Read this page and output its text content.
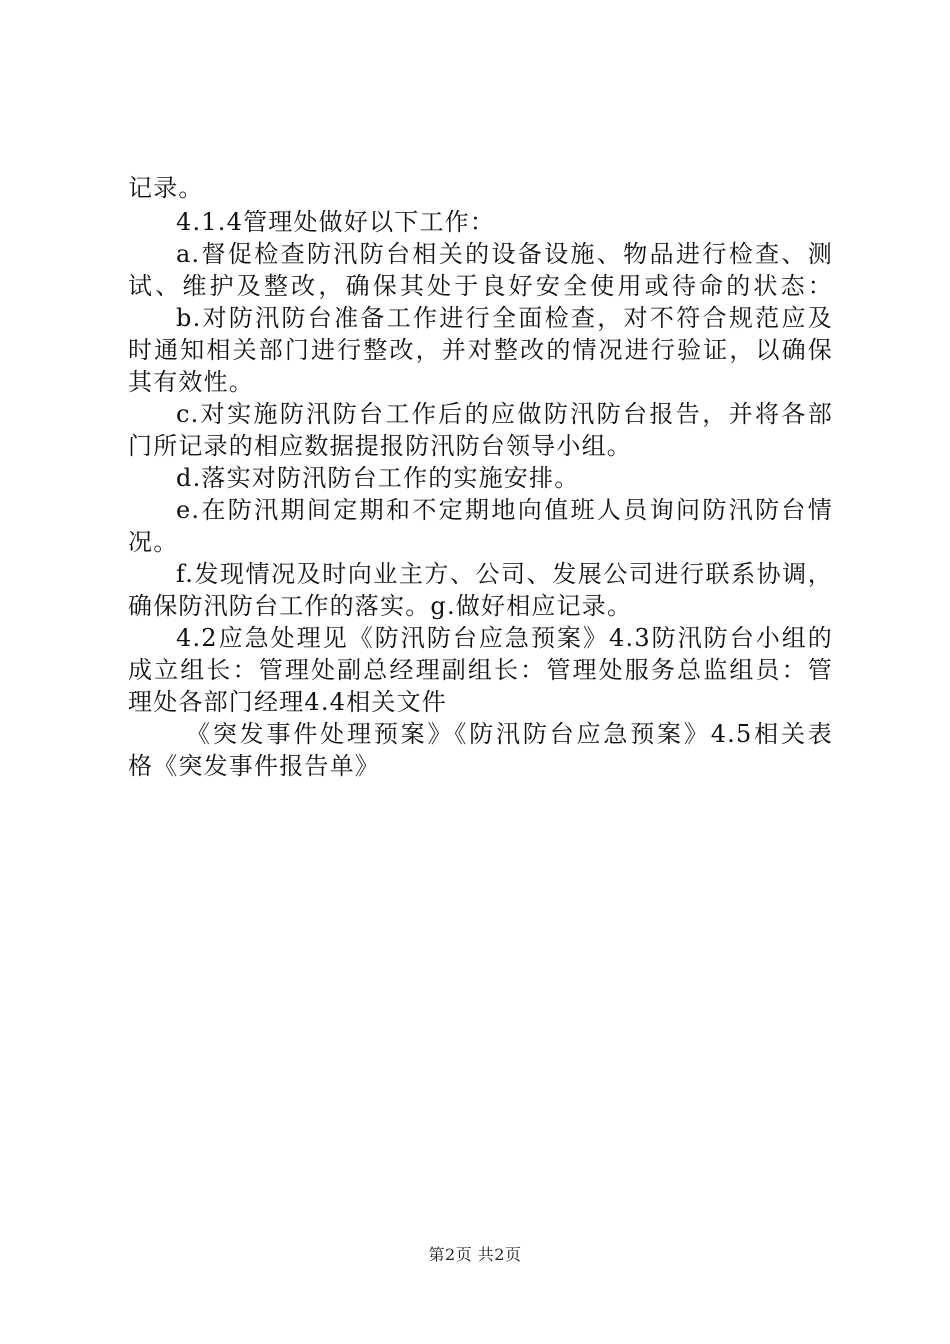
记录。
4.1.4管理处做好以下工作：
a.督促检查防汛防台相关的设备设施、物品进行检查、测
试、维护及整改，确保其处于良好安全使用或待命的状态：
b.对防汛防台准备工作进行全面检查，对不符合规范应及
时通知相关部门进行整改，并对整改的情况进行验证，以确保
其有效性。
c.对实施防汛防台工作后的应做防汛防台报告，并将各部
门所记录的相应数据提报防汛防台领导小组。
d.落实对防汛防台工作的实施安排。
e.在防汛期间定期和不定期地向值班人员询问防汛防台情
况。
f.发现情况及时向业主方、公司、发展公司进行联系协调，
确保防汛防台工作的落实。g.做好相应记录。
4.2应急处理见《防汛防台应急预案》4.3防汛防台小组的
成立组长：管理处副总经理副组长：管理处服务总监组员：管
理处各部门经理4.4相关文件
《突发事件处理预案》《防汛防台应急预案》4.5相关表
格《突发事件报告单》
第2页 共2页
